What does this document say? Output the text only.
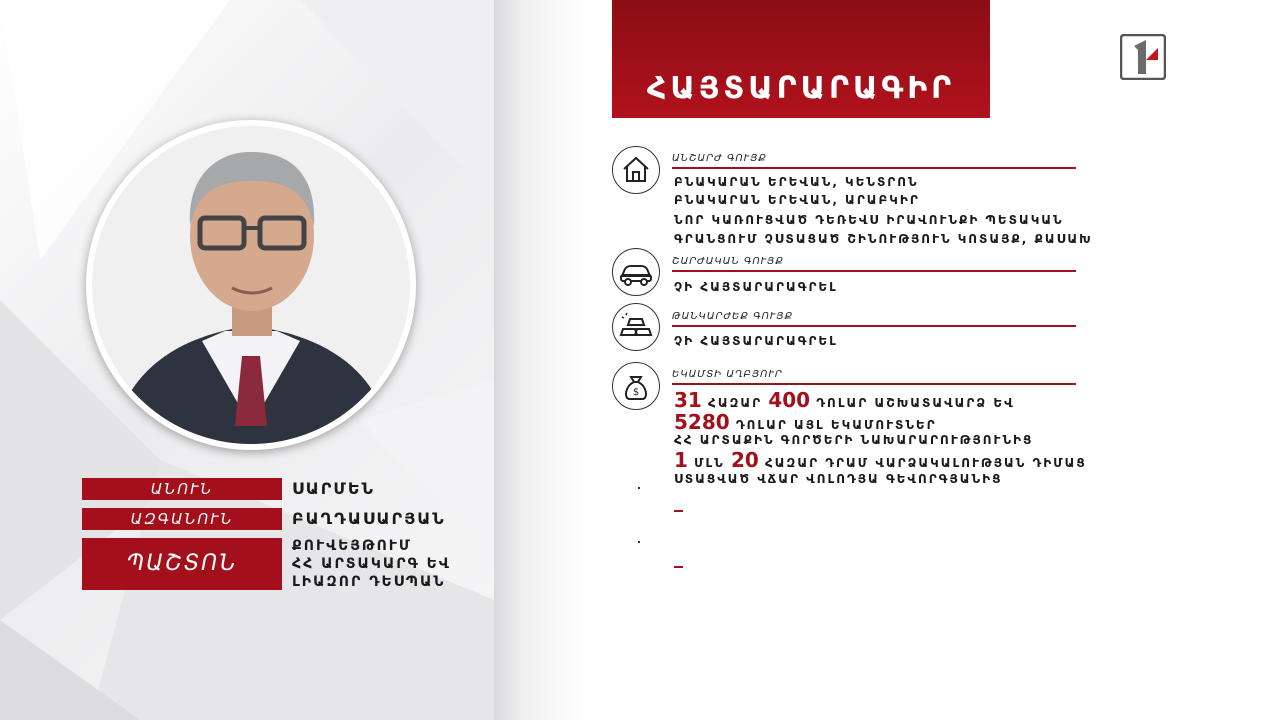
ԱՆՈՒՆ	ՍԱՐՄԵՆ
ԱԶԳԱՆՈՒՆ	ԲԱՂԴԱՍԱՐՅԱՆ
ՊԱՇՏՈՆ
ՔՈՒՎԵՅԹՈՒՄ
ՀՀ ԱՐՏԱԿԱՐԳ ԵՎ
ԼԻԱԶՈՐ ԴԵՍՊԱՆ
ՀԱՅՏԱՐԱՐԱԳԻՐ
ԱՆՇԱՐԺ ԳՈՒՅՔ
ԲՆԱԿԱՐԱՆ ԵՐԵՎԱՆ, ԿԵՆՏՐՈՆ
ԲՆԱԿԱՐԱՆ ԵՐԵՎԱՆ, ԱՐԱԲԿԻՐ
ՆՈՐ ԿԱՌՈՒՑՎԱԾ ԴԵՌԵՎՍ ԻՐԱՎՈՒՆՔԻ ՊԵՏԱԿԱՆ
ԳՐԱՆՑՈՒՄ ՉՍՏԱՑԱԾ ՇԻՆՈՒԹՅՈՒՆ ԿՈՏԱՅՔ, ՔԱՍԱԽ
ՇԱՐԺԱԿԱՆ ԳՈՒՅՔ
ՉԻ ՀԱՅՏԱՐԱՐԱԳՐԵԼ
ԹԱՆԿԱՐԺԵՔ ԳՈՒՅՔ
ՉԻ ՀԱՅՏԱՐԱՐԱԳՐԵԼ
$
ԵԿԱՄՏԻ ԱՂԲՅՈՒՐ
31 ՀԱԶԱՐ 400 ԴՈԼԱՐ ԱՇԽԱՏԱՎԱՐՁ ԵՎ
5280 ԴՈԼԱՐ ԱՅԼ ԵԿԱՄՈՒՏՆԵՐ
ՀՀ ԱՐՏԱՔԻՆ ԳՈՐԾԵՐԻ ՆԱԽԱՐԱՐՈՒԹՅՈՒՆԻՑ
1 ՄԼՆ 20 ՀԱԶԱՐ ԴՐԱՄ ՎԱՐՁԱԿԱԼՈՒԹՅԱՆ ԴԻՄԱՑ
ՍՏԱՑՎԱԾ ՎՃԱՐ ՎՈԼՈԴՅԱ ԳԵՎՈՐԳՅԱՆԻՑ
